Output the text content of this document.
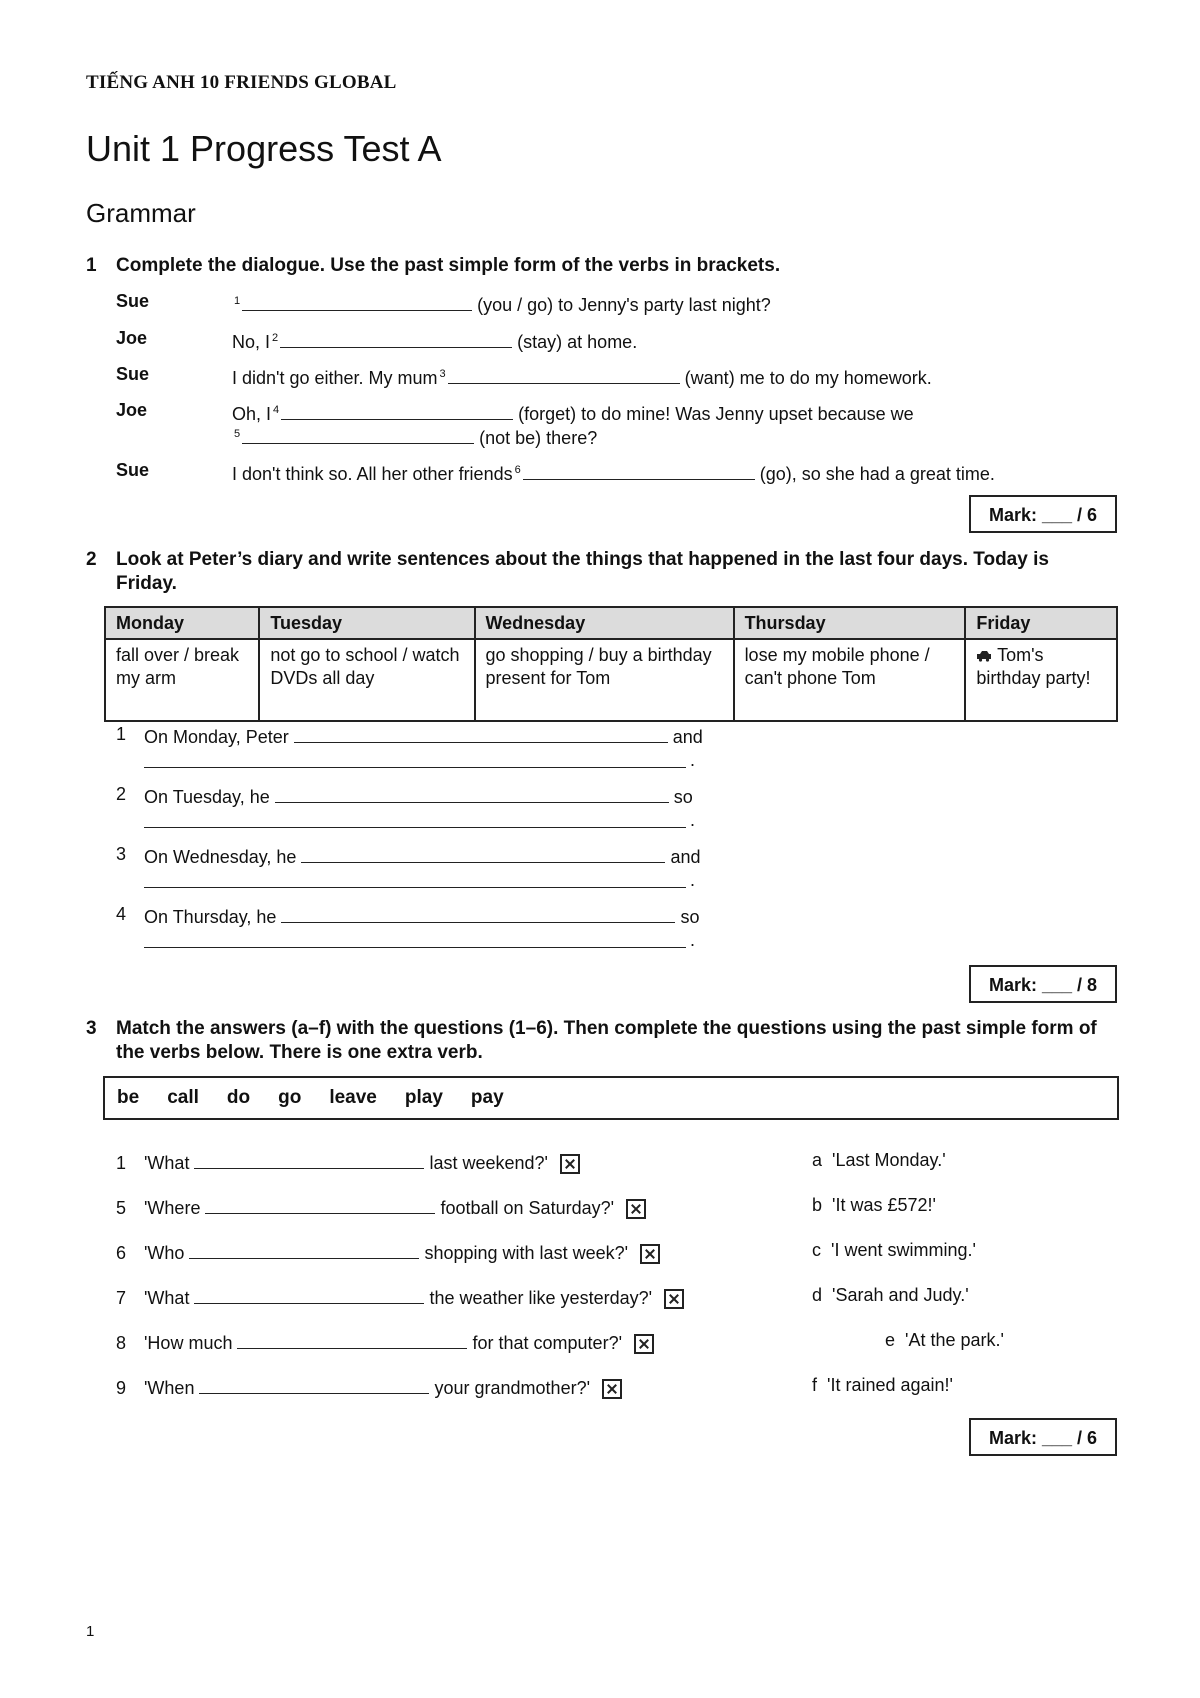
TIẾNG ANH 10 FRIENDS GLOBAL
Unit 1 Progress Test A
Grammar
1 Complete the dialogue. Use the past simple form of the verbs in brackets.
Sue	$^1$	(you / go) to Jenny's party last night?
Joe	No, I $^2$	(stay) at home.
Sue	I didn't go either. My mum $^3$	(want) me to do my homework.
Joe	Oh, I $^4$	(forget) to do mine! Was Jenny upset because we
$^5$	(not be) there?
Sue	I don't think so. All her other friends $^6$	(go), so she had a great time.
Mark: ___ / 6
2 Look at Peter’s diary and write sentences about the things that happened in the last four days. Today is Friday.
Monday	Tuesday	Wednesday	Thursday	Friday
fall over / break my arm	not go to school / watch DVDs all day	go shopping / buy a birthday present for Tom	lose my mobile phone / can't phone Tom	Tom's birthday party!
1 On Monday, Peter	and
.
2 On Tuesday, he	so
.
3 On Wednesday, he	and
.
4 On Thursday, he	so
.
Mark: ___ / 8
3 Match the answers (a–f) with the questions (1–6). Then complete the questions using the past simple form of the verbs below. There is one extra verb.
be call do go leave play pay
1 'What	last weekend?'
5 'Where	football on Saturday?'
6 'Who	shopping with last week?'
7 'What	the weather like yesterday?'
8 'How much	for that computer?'
9 'When	your grandmother?'
a 'Last Monday.'
b 'It was £572!'
c 'I went swimming.'
d 'Sarah and Judy.'
e 'At the park.'
f 'It rained again!'
Mark: ___ / 6
1
